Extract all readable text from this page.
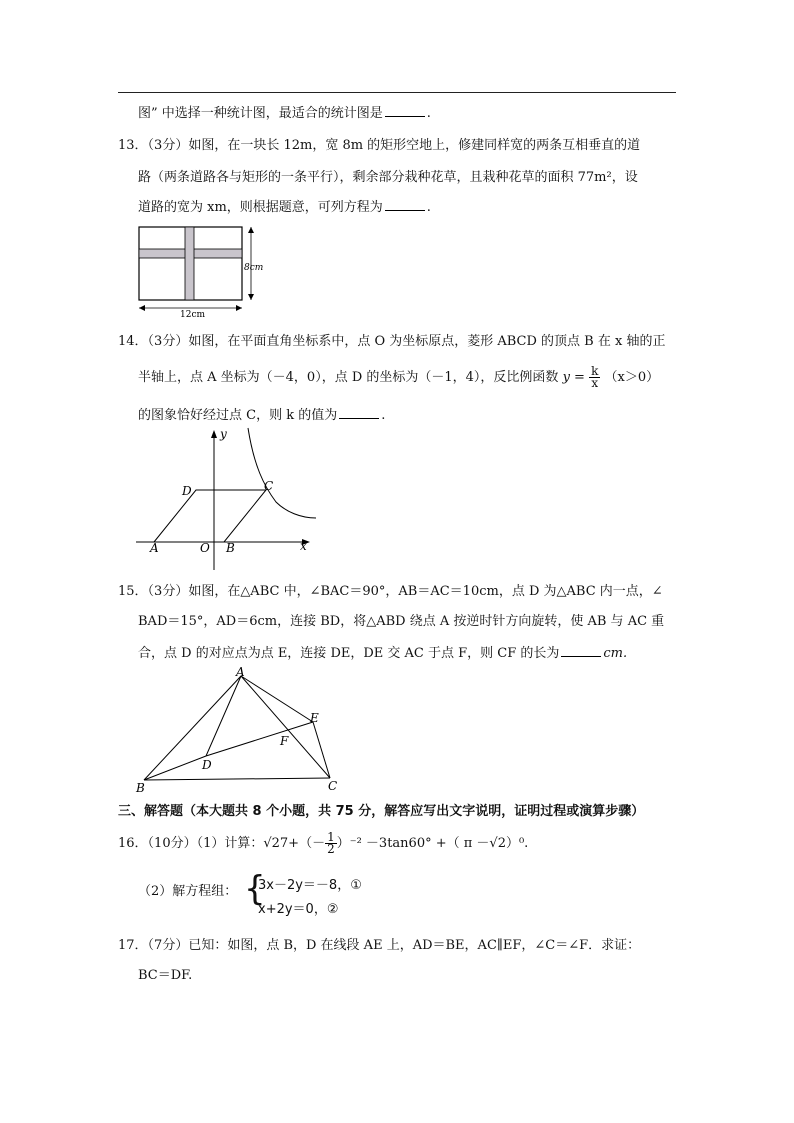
图” 中选择一种统计图，最适合的统计图是	.
13．（3分）如图，在一块长 12m，宽 8m 的矩形空地上，修建同样宽的两条互相垂直的道
路（两条道路各与矩形的一条平行），剩余部分栽种花草，且栽种花草的面积 77m²，设
道路的宽为 xm，则根据题意，可列方程为	.
12cm
8cm
14．（3分）如图，在平面直角坐标系中，点 O 为坐标原点，菱形 ABCD 的顶点 B 在 x 轴的正
半轴上，点 A 坐标为（－4，0），点 D 的坐标为（－1，4），反比例函数 $y = \frac{k}{x} (x>0)$
的图象恰好经过点 C，则 k 的值为	.
y
x
O
A	B
C
D
15．（3分）如图，在△ABC 中，∠BAC＝90°，AB＝AC＝10cm，点 D 为△ABC 内一点，∠
BAD＝15°，AD＝6cm，连接 BD，将△ABD 绕点 A 按逆时针方向旋转，使 AB 与 AC 重
合，点 D 的对应点为点 E，连接 DE，DE 交 AC 于点 F，则 CF 的长为	cm.
A
B	C
D
E
F
三、解答题（本大题共 8 个小题，共 75 分，解答应写出文字说明，证明过程或演算步骤）
16．（10分）（1）计算：$√27+(- \frac{1}{2} )^{-2} -3\tan 60^\circ$ +（ π －√2）⁰.
（2）解方程组： {
3x－2y＝－8，①
x+2y＝0，②
17．（7分）已知：如图，点 B，D 在线段 AE 上，AD＝BE，AC∥EF，∠C＝∠F．求证：
BC＝DF.
